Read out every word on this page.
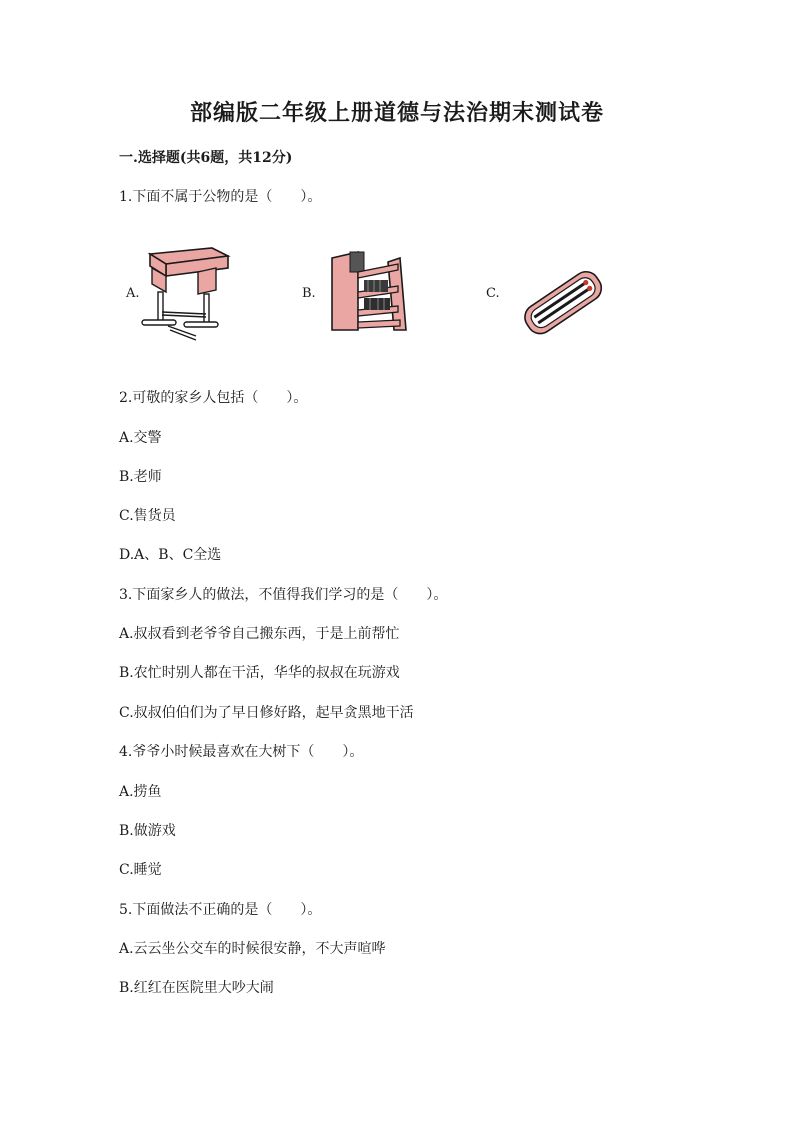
部编版二年级上册道德与法治期末测试卷
一.选择题(共6题，共12分)
1.下面不属于公物的是（　　）。
A.	B.	C.
2.可敬的家乡人包括（　　）。
A.交警
B.老师
C.售货员
D.A、B、C全选
3.下面家乡人的做法，不值得我们学习的是（　　）。
A.叔叔看到老爷爷自己搬东西，于是上前帮忙
B.农忙时别人都在干活，华华的叔叔在玩游戏
C.叔叔伯伯们为了早日修好路，起早贪黑地干活
4.爷爷小时候最喜欢在大树下（　　）。
A.捞鱼
B.做游戏
C.睡觉
5.下面做法不正确的是（　　）。
A.云云坐公交车的时候很安静，不大声喧哗
B.红红在医院里大吵大闹
